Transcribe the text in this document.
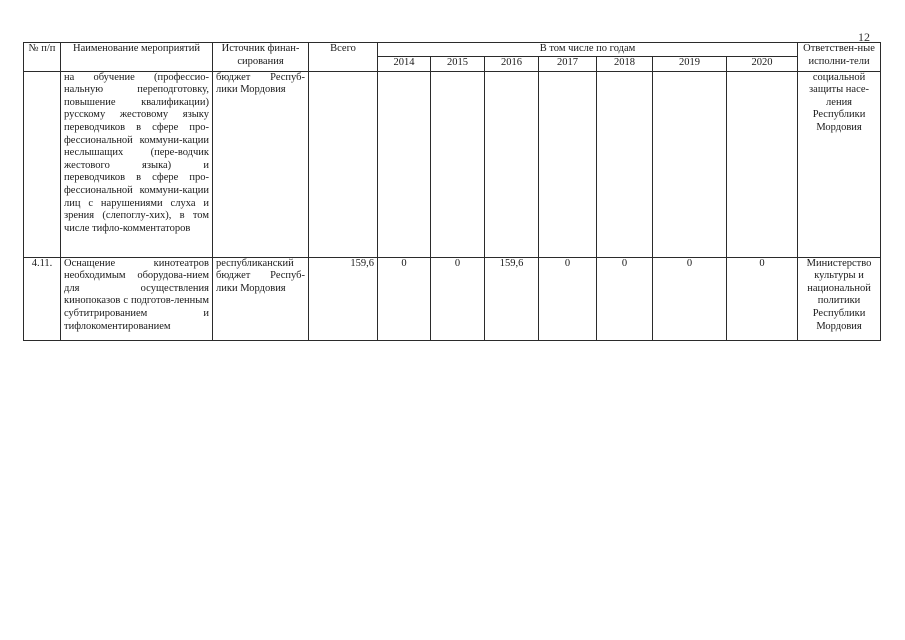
12
№ п/п	Наименование мероприятий	Источник финан-сирования	Всего	В том числе по годам							Ответствен-ные исполни-тели
				2014	2015	2016	2017	2018	2019	2020	
	на обучение (профессио-нальную переподготовку, повышение квалификации) русскому жестовому языку переводчиков в сфере про-фессиональной коммуни-кации неслышащих (пере-водчик жестового языка) и переводчиков в сфере про-фессиональной коммуни-кации лиц с нарушениями слуха и зрения (слепоглу-хих), в том числе тифло-комментаторов	бюджет Респуб-лики Мордовия									социальной защиты насе-ления Республики Мордовия
4.11.	Оснащение кинотеатров необходимым оборудова-нием для осуществления кинопоказов с подготов-ленным субтитрированием и тифлокоментированием	республиканский бюджет Респуб-лики Мордовия	159,6	0	0	159,6	0	0	0	0	Министерство культуры и национальной политики Республики Мордовия
